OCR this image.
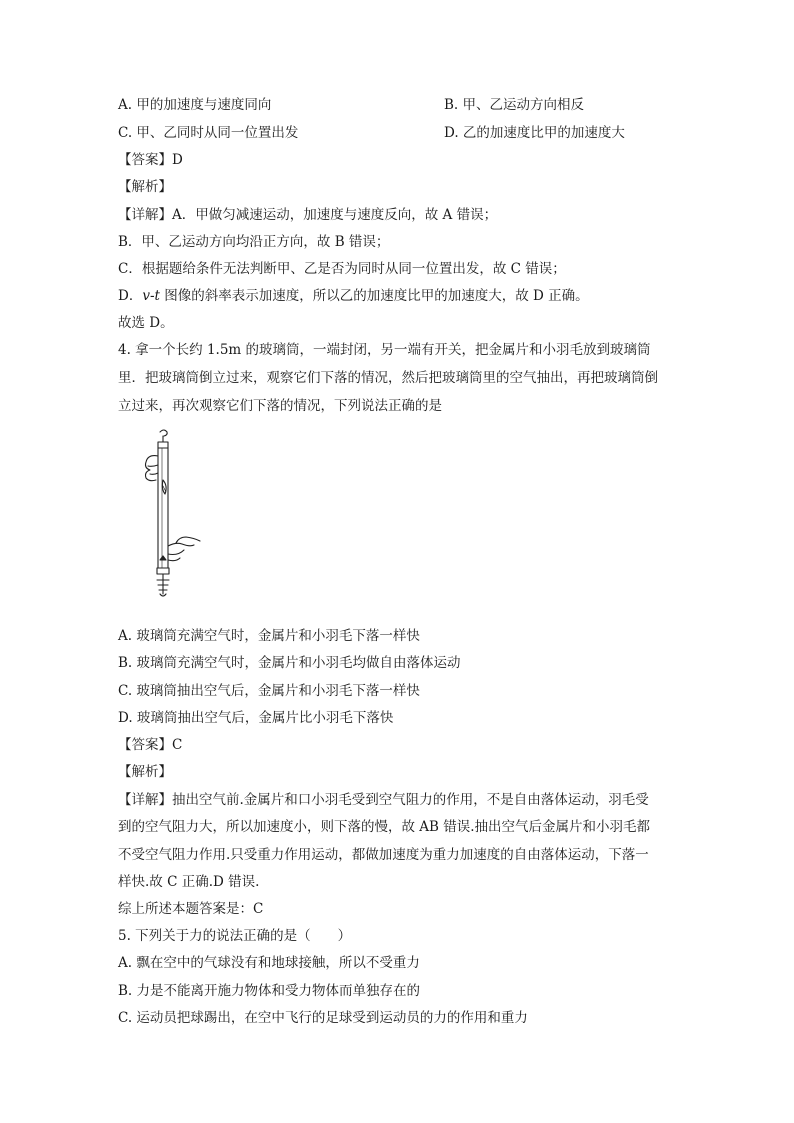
A. 甲的加速度与速度同向	B. 甲、乙运动方向相反
C. 甲、乙同时从同一位置出发	D. 乙的加速度比甲的加速度大
【答案】D
【解析】
【详解】A．甲做匀减速运动，加速度与速度反向，故 A 错误；
B．甲、乙运动方向均沿正方向，故 B 错误；
C．根据题给条件无法判断甲、乙是否为同时从同一位置出发，故 C 错误；
D．v-t 图像的斜率表示加速度，所以乙的加速度比甲的加速度大，故 D 正确。
故选 D。
4. 拿一个长约 1.5m 的玻璃筒，一端封闭，另一端有开关，把金属片和小羽毛放到玻璃筒
里．把玻璃筒倒立过来，观察它们下落的情况，然后把玻璃筒里的空气抽出，再把玻璃筒倒
立过来，再次观察它们下落的情况，下列说法正确的是
A. 玻璃筒充满空气时，金属片和小羽毛下落一样快
B. 玻璃筒充满空气时，金属片和小羽毛均做自由落体运动
C. 玻璃筒抽出空气后，金属片和小羽毛下落一样快
D. 玻璃筒抽出空气后，金属片比小羽毛下落快
【答案】C
【解析】
【详解】抽出空气前.金属片和口小羽毛受到空气阻力的作用，不是自由落体运动，羽毛受
到的空气阻力大，所以加速度小，则下落的慢，故 AB 错误.抽出空气后金属片和小羽毛都
不受空气阻力作用.只受重力作用运动，都做加速度为重力加速度的自由落体运动，下落一
样快.故 C 正确.D 错误.
综上所述本题答案是：C
5. 下列关于力的说法正确的是（　　）
A. 飘在空中的气球没有和地球接触，所以不受重力
B. 力是不能离开施力物体和受力物体而单独存在的
C. 运动员把球踢出，在空中飞行的足球受到运动员的力的作用和重力
